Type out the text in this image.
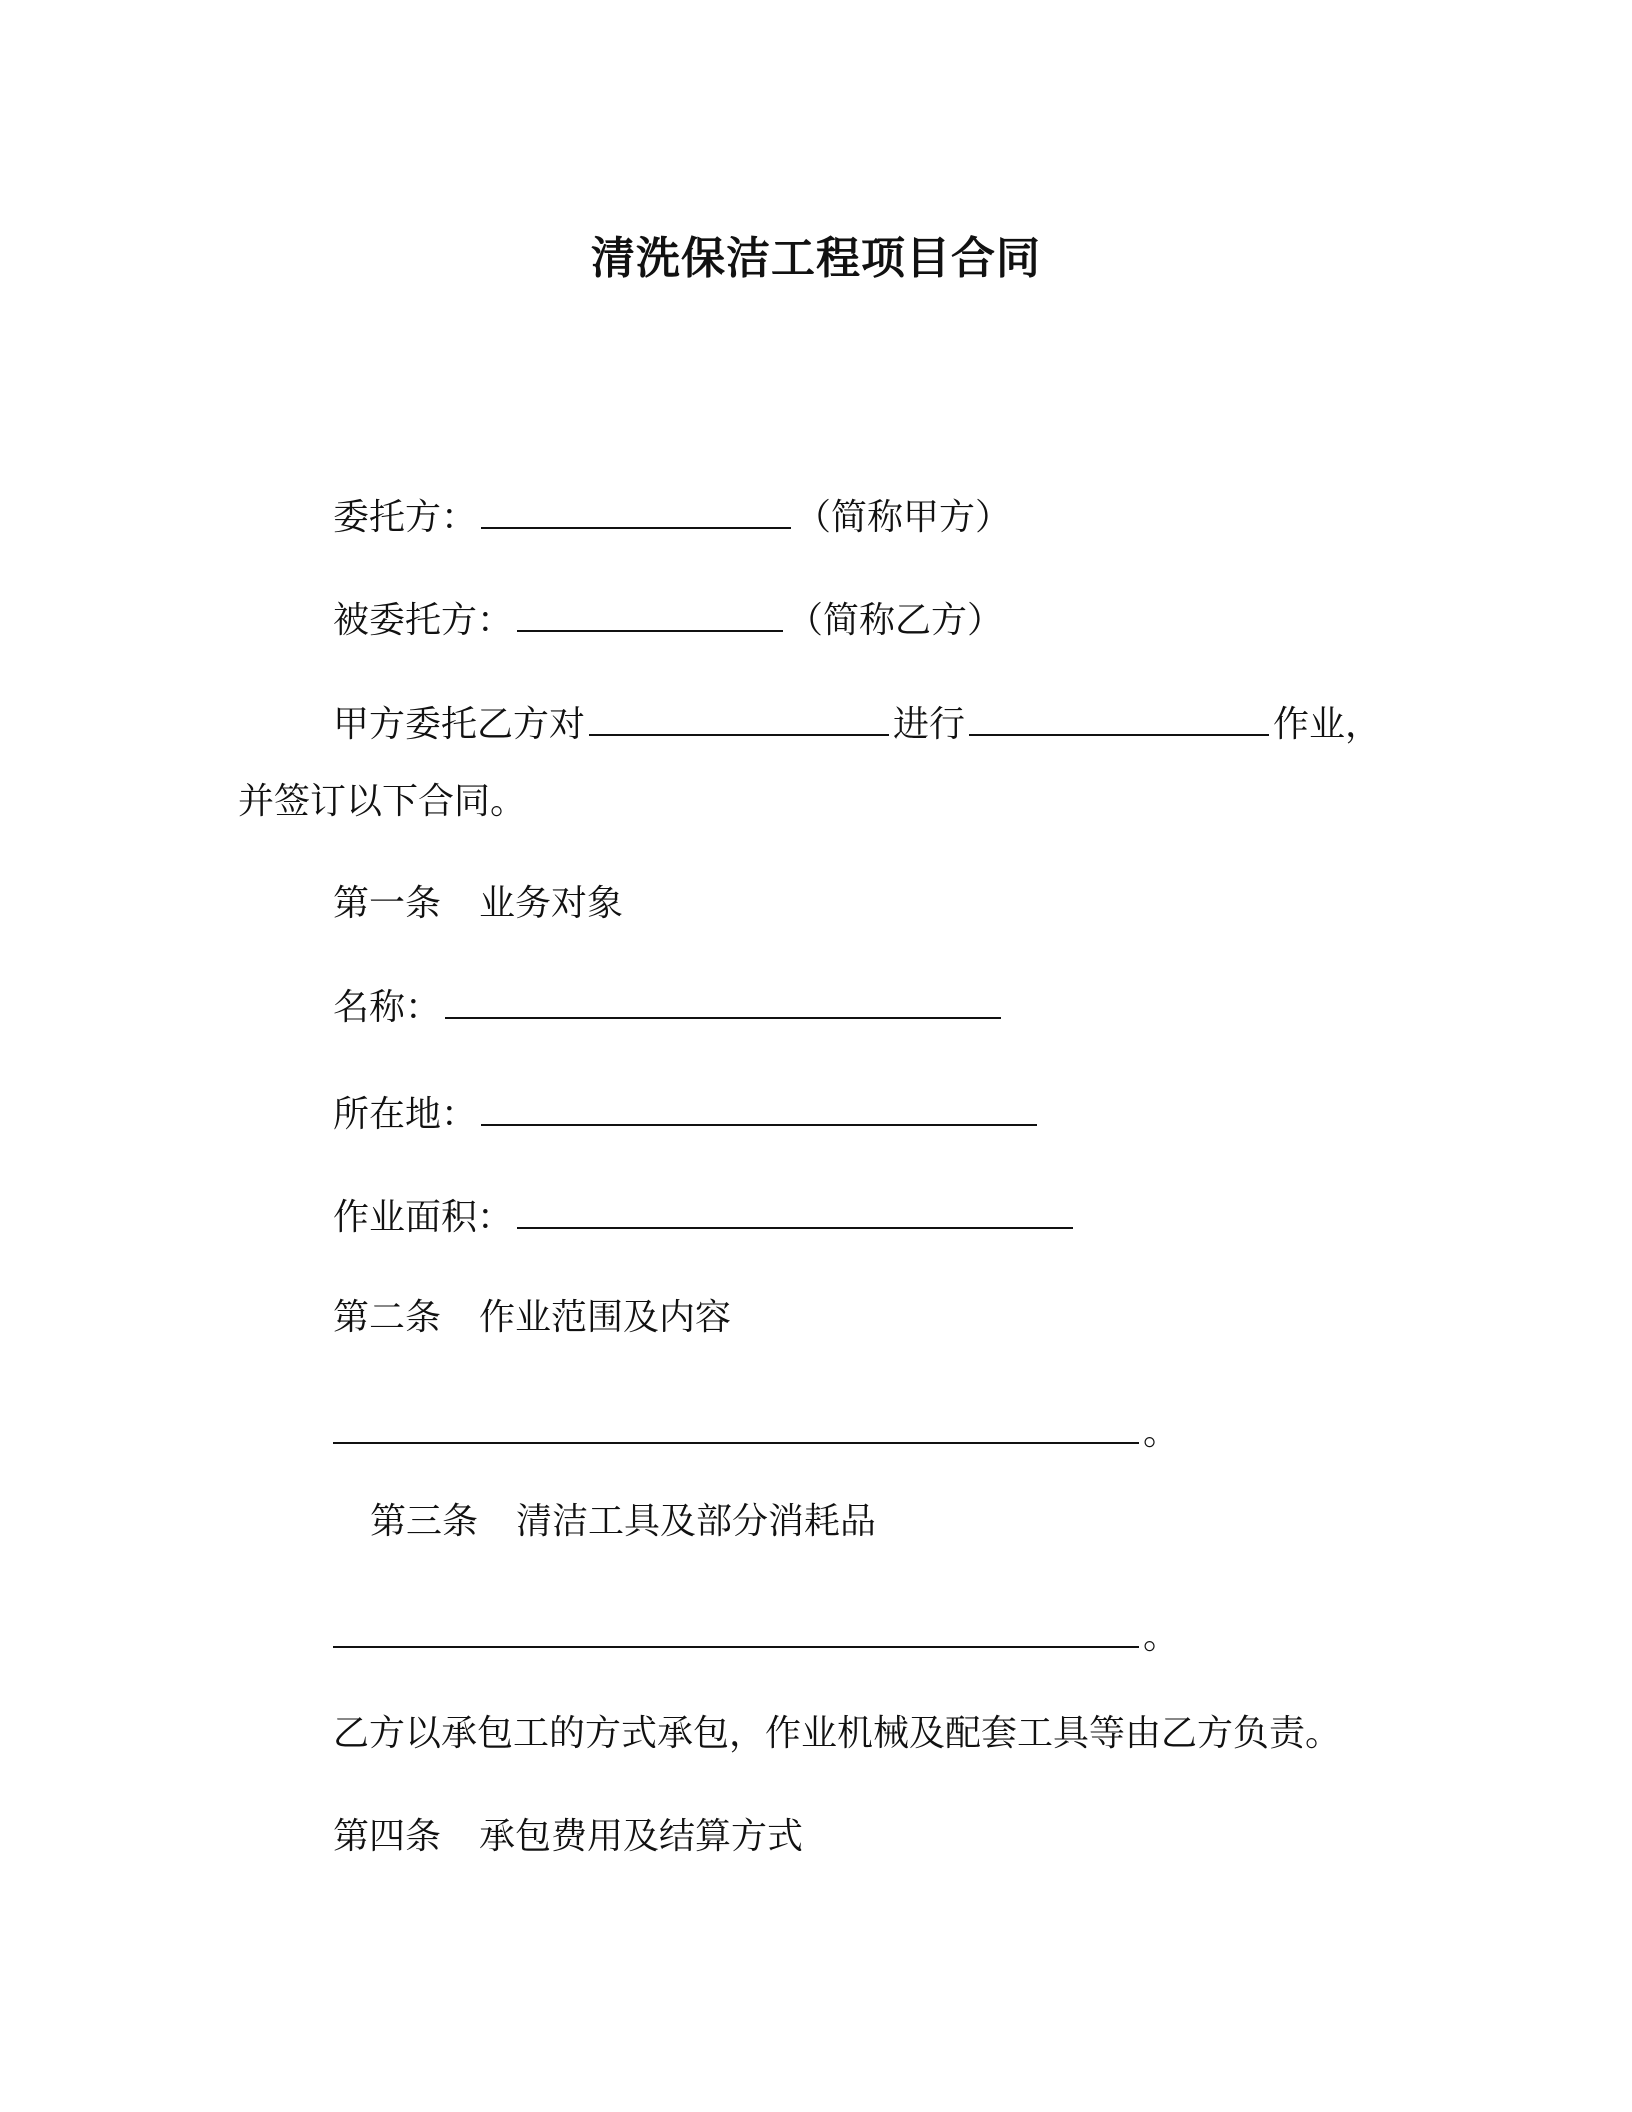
清洗保洁工程项目合同
委托方：	（简称甲方）
被委托方：	（简称乙方）
甲方委托乙方对	进行	作业，
并签订以下合同。
第一条 业务对象
名称：
所在地：
作业面积：
第二条 作业范围及内容
。
第三条 清洁工具及部分消耗品
。
乙方以承包工的方式承包，作业机械及配套工具等由乙方负责。
第四条 承包费用及结算方式
